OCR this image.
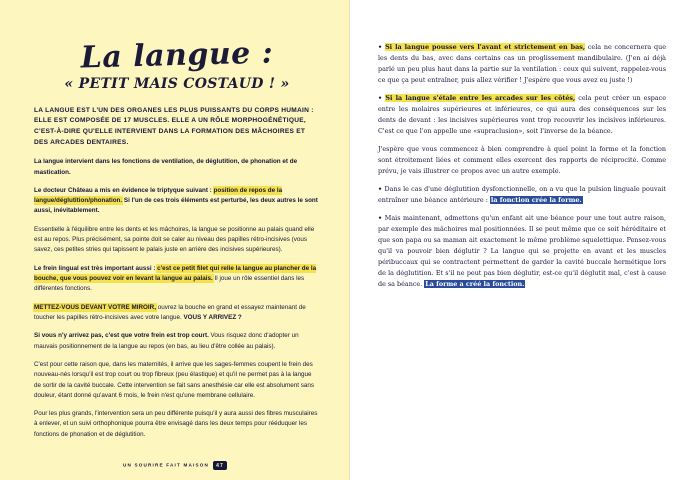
La langue :
« PETIT MAIS COSTAUD ! »
LA LANGUE EST L'UN DES ORGANES LES PLUS PUISSANTS DU CORPS HUMAIN : ELLE EST COMPOSÉE DE 17 MUSCLES. ELLE A UN RÔLE MORPHOGÉNÉTIQUE, C'EST-À-DIRE QU'ELLE INTERVIENT DANS LA FORMATION DES MÂCHOIRES ET DES ARCADES DENTAIRES.

La langue intervient dans les fonctions de ventilation, de déglutition, de phonation et de mastication.

Le docteur Château a mis en évidence le triptyque suivant : position de repos de la langue/déglutition/phonation. Si l'un de ces trois éléments est perturbé, les deux autres le sont aussi, inévitablement.

Essentielle à l'équilibre entre les dents et les mâchoires, la langue se positionne au palais quand elle est au repos. Plus précisément, sa pointe doit se caler au niveau des papilles rétro-incisives (vous savez, ces petites stries qui tapissent le palais juste en arrière des incisives supérieures).

Le frein lingual est très important aussi : c'est ce petit filet qui relie la langue au plancher de la bouche, que vous pouvez voir en levant la langue au palais. Il joue un rôle essentiel dans les différentes fonctions.

METTEZ-VOUS DEVANT VOTRE MIROIR, ouvrez la bouche en grand et essayez maintenant de toucher les papilles rétro-incisives avec votre langue. VOUS Y ARRIVEZ ?

Si vous n'y arrivez pas, c'est que votre frein est trop court. Vous risquez donc d'adopter un mauvais positionnement de la langue au repos (en bas, au lieu d'être collée au palais).

C'est pour cette raison que, dans les maternités, il arrive que les sages-femmes coupent le frein des nouveau-nés lorsqu'il est trop court ou trop fibreux (peu élastique) et qu'il ne permet pas à la langue de sortir de la cavité buccale. Cette intervention se fait sans anesthésie car elle est absolument sans douleur, étant donné qu'avant 6 mois, le frein n'est qu'une membrane cellulaire.

Pour les plus grands, l'intervention sera un peu différente puisqu'il y aura aussi des fibres musculaires à enlever, et un suivi orthophonique pourra être envisagé dans les deux temps pour rééduquer les fonctions de phonation et de déglutition.

UN SOURIRE FAIT MAISON 47

• Si la langue pousse vers l'avant et strictement en bas, cela ne concernera que les dents du bas, avec dans certains cas un proglissement mandibulaire. (J'en ai déjà parlé un peu plus haut dans la partie sur la ventilation : ceux qui suivent, rappelez-vous ce que ça peut entraîner, puis allez vérifier ! J'espère que vous avez eu juste !)

• Si la langue s'étale entre les arcades sur les côtés, cela peut créer un espace entre les molaires supérieures et inférieures, ce qui aura des conséquences sur les dents de devant : les incisives supérieures vont trop recouvrir les incisives inférieures. C'est ce que l'on appelle une «supraclusion», soit l'inverse de la béance.

J'espère que vous commencez à bien comprendre à quel point la forme et la fonction sont étroitement liées et comment elles exercent des rapports de réciprocité. Comme prévu, je vais illustrer ce propos avec un autre exemple.

• Dans le cas d'une déglutition dysfonctionnelle, on a vu que la pulsion linguale pouvait entraîner une béance antérieure : la fonction crée la forme.

• Mais maintenant, admettons qu'un enfant ait une béance pour une tout autre raison, par exemple des mâchoires mal positionnées. Il se peut même que ce soit héréditaire et que son papa ou sa maman ait exactement le même problème squelettique. Pensez-vous qu'il va pouvoir bien déglutir ? La langue qui se projette en avant et les muscles péribuccaux qui se contractent permettent de garder la cavité buccale hermétique lors de la déglutition. Et s'il ne peut pas bien déglutir, est-ce qu'il déglutit mal, c'est à cause de sa béance. La forme a créé la fonction.
